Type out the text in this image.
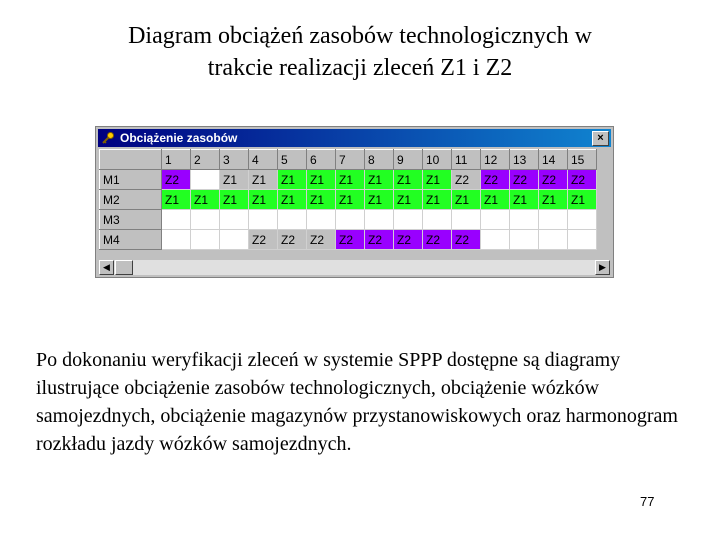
Diagram obciążeń zasobów technologicznych w
trakcie realizacji zleceń Z1 i Z2
Obciążenie zasobów	×
	1	2	3	4	5	6	7	8	9	10	11	12	13	14	15
M1	Z2		Z1	Z1	Z1	Z1	Z1	Z1	Z1	Z1	Z2	Z2	Z2	Z2	Z2
M2	Z1	Z1	Z1	Z1	Z1	Z1	Z1	Z1	Z1	Z1	Z1	Z1	Z1	Z1	Z1
M3															
M4				Z2	Z2	Z2	Z2	Z2	Z2	Z2	Z2				
◀	▶
Po dokonaniu weryfikacji zleceń w systemie SPPP dostępne są diagramy ilustrujące obciążenie zasobów technologicznych, obciążenie wózków samojezdnych, obciążenie magazynów przystanowiskowych oraz harmonogram rozkładu jazdy wózków samojezdnych.
77
